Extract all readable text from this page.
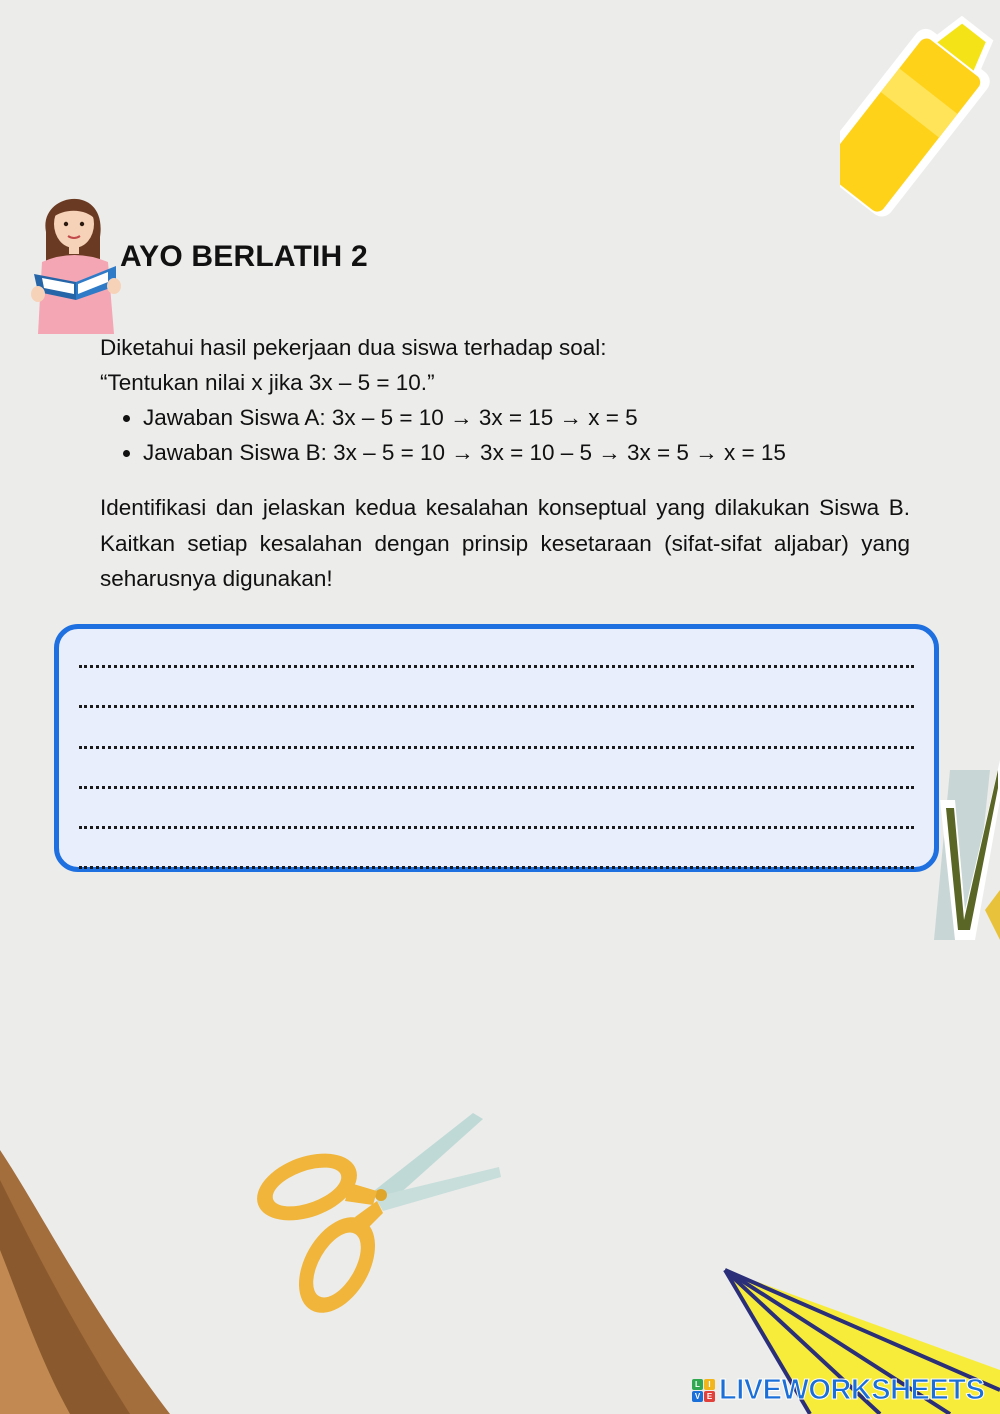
AYO BERLATIH 2

Diketahui hasil pekerjaan dua siswa terhadap soal:

“Tentukan nilai x jika 3x – 5 = 10.”

• Jawaban Siswa A: 3x – 5 = 10 → 3x = 15 → x = 5
• Jawaban Siswa B: 3x – 5 = 10 → 3x = 10 – 5 → 3x = 5 → x = 15

Identifikasi dan jelaskan kedua kesalahan konseptual yang dilakukan Siswa B. Kaitkan setiap kesalahan dengan prinsip kesetaraan (sifat-sifat aljabar) yang seharusnya digunakan!

L	I
V E LIVEWORKSHEETS
